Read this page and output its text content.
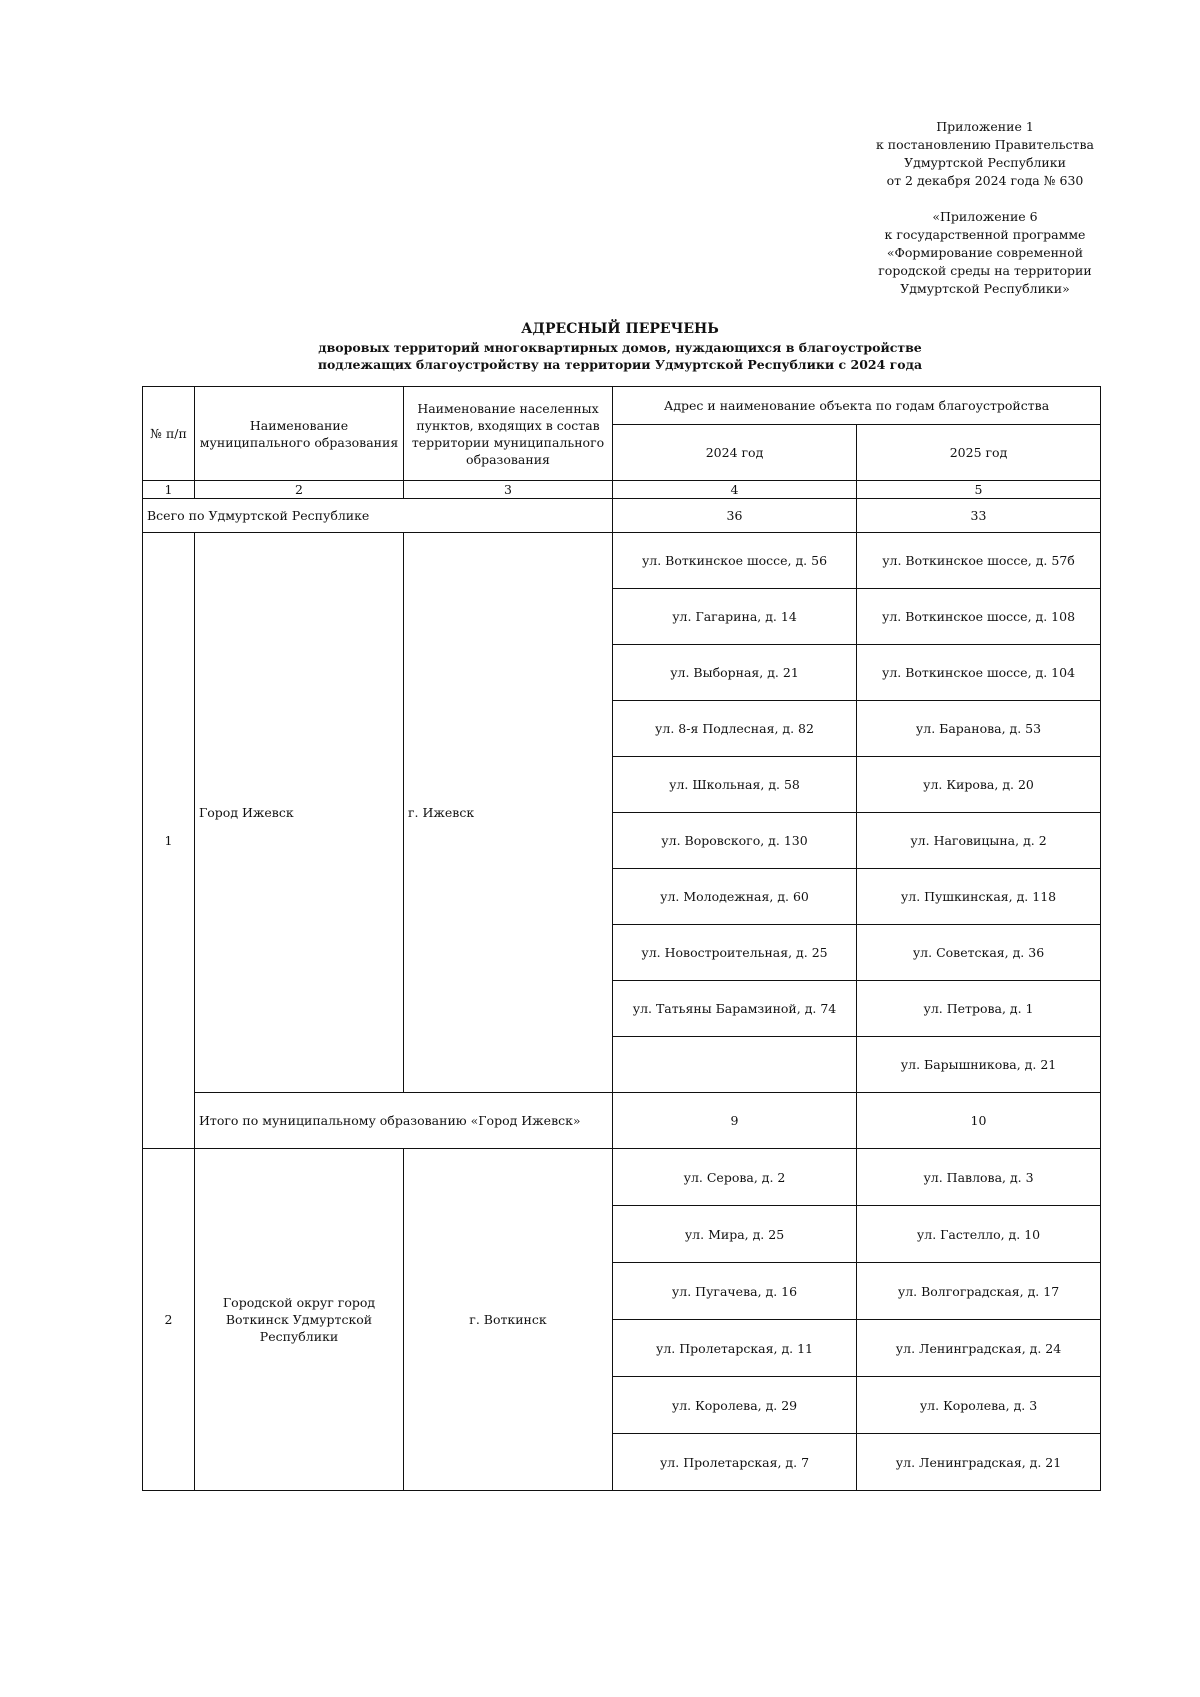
Приложение 1
к постановлению Правительства
Удмуртской Республики
от 2 декабря 2024 года № 630
«Приложение 6
к государственной программе
«Формирование современной
городской среды на территории
Удмуртской Республики»
АДРЕСНЫЙ ПЕРЕЧЕНЬ
дворовых территорий многоквартирных домов, нуждающихся в благоустройстве
подлежащих благоустройству на территории Удмуртской Республики с 2024 года
№ п/п	Наименование муниципального образования	Наименование населенных пунктов, входящих в состав территории муниципального образования	Адрес и наименование объекта по годам благоустройства	
			2024 год	2025 год
1	2	3	4	5
Всего по Удмуртской Республике			36	33
1	Город Ижевск	г. Ижевск	ул. Воткинское шоссе, д. 56	ул. Воткинское шоссе, д. 57б
			ул. Гагарина, д. 14	ул. Воткинское шоссе, д. 108
			ул. Выборная, д. 21	ул. Воткинское шоссе, д. 104
			ул. 8-я Подлесная, д. 82	ул. Баранова, д. 53
			ул. Школьная, д. 58	ул. Кирова, д. 20
			ул. Воровского, д. 130	ул. Наговицына, д. 2
			ул. Молодежная, д. 60	ул. Пушкинская, д. 118
			ул. Новостроительная, д. 25	ул. Советская, д. 36
			ул. Татьяны Барамзиной, д. 74	ул. Петрова, д. 1
				ул. Барышникова, д. 21
	Итого по муниципальному образованию «Город Ижевск»		9	10
2	Городской округ город Воткинск Удмуртской Республики	г. Воткинск	ул. Серова, д. 2	ул. Павлова, д. 3
			ул. Мира, д. 25	ул. Гастелло, д. 10
			ул. Пугачева, д. 16	ул. Волгоградская, д. 17
			ул. Пролетарская, д. 11	ул. Ленинградская, д. 24
			ул. Королева, д. 29	ул. Королева, д. 3
			ул. Пролетарская, д. 7	ул. Ленинградская, д. 21
